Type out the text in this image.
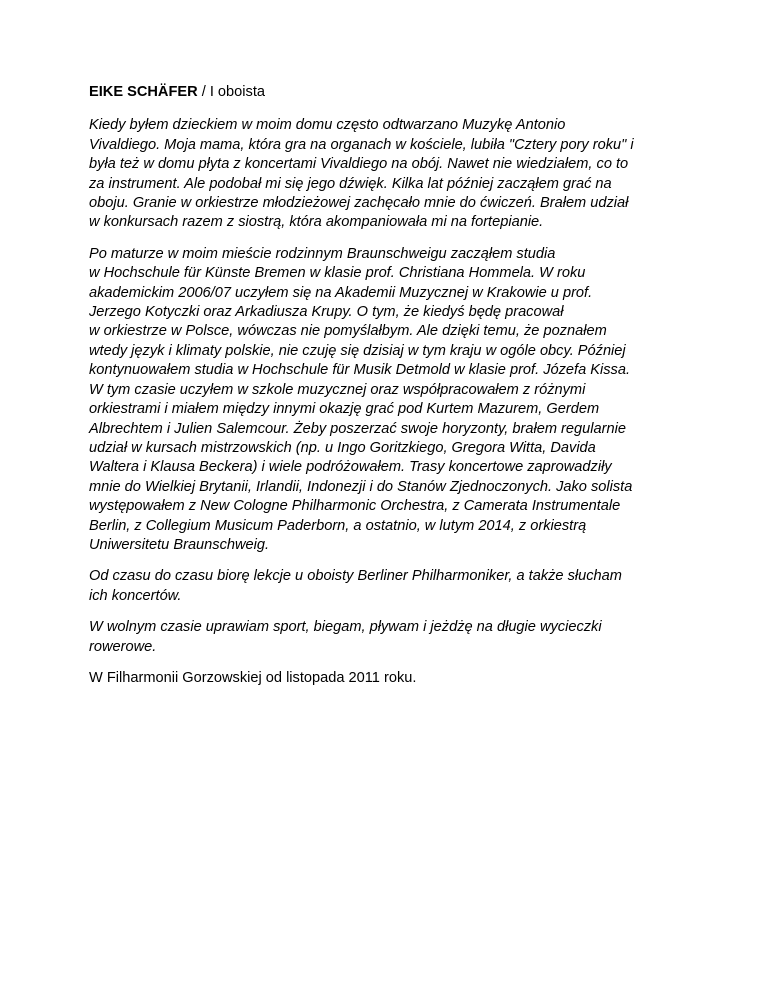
EIKE SCHÄFER / I oboista

Kiedy byłem dzieckiem w moim domu często odtwarzano Muzykę Antonio
Vivaldiego. Moja mama, która gra na organach w kościele, lubiła "Cztery pory roku" i
była też w domu płyta z koncertami Vivaldiego na obój. Nawet nie wiedziałem, co to
za instrument. Ale podobał mi się jego dźwięk. Kilka lat później zacząłem grać na
oboju. Granie w orkiestrze młodzieżowej zachęcało mnie do ćwiczeń. Brałem udział
w konkursach razem z siostrą, która akompaniowała mi na fortepianie.

Po maturze w moim mieście rodzinnym Braunschweigu zacząłem studia
w Hochschule für Künste Bremen w klasie prof. Christiana Hommela. W roku
akademickim 2006/07 uczyłem się na Akademii Muzycznej w Krakowie u prof.
Jerzego Kotyczki oraz Arkadiusza Krupy. O tym, że kiedyś będę pracował
w orkiestrze w Polsce, wówczas nie pomyślałbym. Ale dzięki temu, że poznałem
wtedy język i klimaty polskie, nie czuję się dzisiaj w tym kraju w ogóle obcy. Później
kontynuowałem studia w Hochschule für Musik Detmold w klasie prof. Józefa Kissa.
W tym czasie uczyłem w szkole muzycznej oraz współpracowałem z różnymi
orkiestrami i miałem między innymi okazję grać pod Kurtem Mazurem, Gerdem
Albrechtem i Julien Salemcour. Żeby poszerzać swoje horyzonty, brałem regularnie
udział w kursach mistrzowskich (np. u Ingo Goritzkiego, Gregora Witta, Davida
Waltera i Klausa Beckera) i wiele podróżowałem. Trasy koncertowe zaprowadziły
mnie do Wielkiej Brytanii, Irlandii, Indonezji i do Stanów Zjednoczonych. Jako solista
występowałem z New Cologne Philharmonic Orchestra, z Camerata Instrumentale
Berlin, z Collegium Musicum Paderborn, a ostatnio, w lutym 2014, z orkiestrą
Uniwersitetu Braunschweig.

Od czasu do czasu biorę lekcje u oboisty Berliner Philharmoniker, a także słucham
ich koncertów.

W wolnym czasie uprawiam sport, biegam, pływam i jeżdżę na długie wycieczki
rowerowe.

W Filharmonii Gorzowskiej od listopada 2011 roku.
